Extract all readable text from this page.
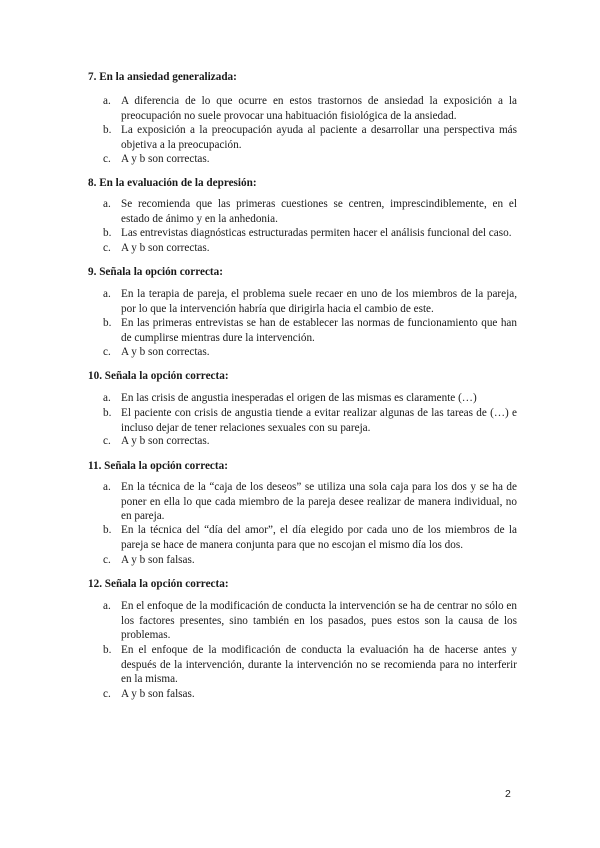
7. En la ansiedad generalizada:
a. A diferencia de lo que ocurre en estos trastornos de ansiedad la exposición a la preocupación no suele provocar una habituación fisiológica de la ansiedad.
b. La exposición a la preocupación ayuda al paciente a desarrollar una perspectiva más objetiva a la preocupación.
c. A y b son correctas.
8. En la evaluación de la depresión:
a. Se recomienda que las primeras cuestiones se centren, imprescindiblemente, en el estado de ánimo y en la anhedonia.
b. Las entrevistas diagnósticas estructuradas permiten hacer el análisis funcional del caso.
c. A y b son correctas.
9. Señala la opción correcta:
a. En la terapia de pareja, el problema suele recaer en uno de los miembros de la pareja, por lo que la intervención habría que dirigirla hacia el cambio de este.
b. En las primeras entrevistas se han de establecer las normas de funcionamiento que han de cumplirse mientras dure la intervención.
c. A y b son correctas.
10. Señala la opción correcta:
a. En las crisis de angustia inesperadas el origen de las mismas es claramente (…)
b. El paciente con crisis de angustia tiende a evitar realizar algunas de las tareas de (…) e incluso dejar de tener relaciones sexuales con su pareja.
c. A y b son correctas.
11. Señala la opción correcta:
a. En la técnica de la “caja de los deseos” se utiliza una sola caja para los dos y se ha de poner en ella lo que cada miembro de la pareja desee realizar de manera individual, no en pareja.
b. En la técnica del “día del amor”, el día elegido por cada uno de los miembros de la pareja se hace de manera conjunta para que no escojan el mismo día los dos.
c. A y b son falsas.
12. Señala la opción correcta:
a. En el enfoque de la modificación de conducta la intervención se ha de centrar no sólo en los factores presentes, sino también en los pasados, pues estos son la causa de los problemas.
b. En el enfoque de la modificación de conducta la evaluación ha de hacerse antes y después de la intervención, durante la intervención no se recomienda para no interferir en la misma.
c. A y b son falsas.
2
